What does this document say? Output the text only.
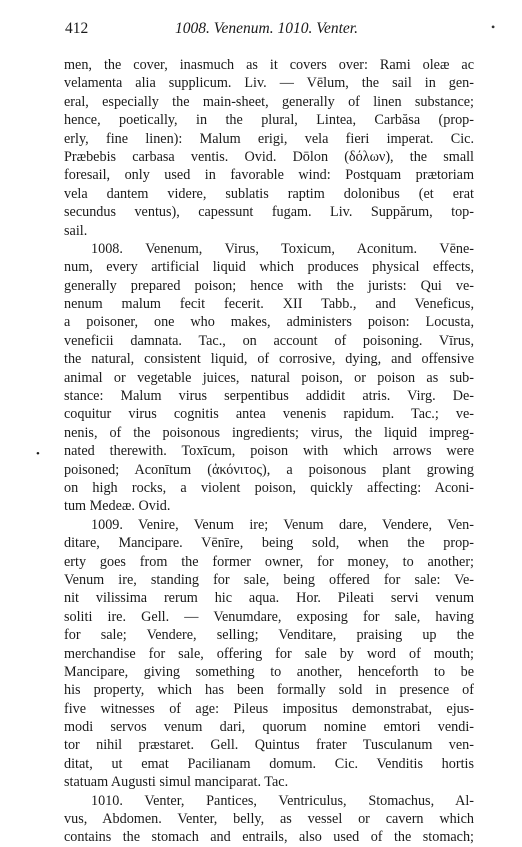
412	1008. Venenum. 1010. Venter.	•
•
men, the cover, inasmuch as it covers over: Rami oleæ ac
velamenta alia supplicum. Liv. — Vēlum, the sail in gen-
eral, especially the main-sheet, generally of linen substance;
hence, poetically, in the plural, Lintea, Carbăsa (prop-
erly, fine linen): Malum erigi, vela fieri imperat. Cic.
Præbebis carbasa ventis. Ovid. Dōlon (δόλων), the small
foresail, only used in favorable wind: Postquam prætoriam
vela dantem videre, sublatis raptim dolonibus (et erat
secundus ventus), capessunt fugam. Liv. Suppărum, top-
sail.
1008. Venenum, Virus, Toxicum, Aconitum. Vēne-
num, every artificial liquid which produces physical effects,
generally prepared poison; hence with the jurists: Qui ve-
nenum malum fecit fecerit. XII Tabb., and Veneficus,
a poisoner, one who makes, administers poison: Locusta,
veneficii damnata. Tac., on account of poisoning. Vīrus,
the natural, consistent liquid, of corrosive, dying, and offensive
animal or vegetable juices, natural poison, or poison as sub-
stance: Malum virus serpentibus addidit atris. Virg. De-
coquitur virus cognitis antea venenis rapidum. Tac.; ve-
nenis, of the poisonous ingredients; virus, the liquid impreg-
nated therewith. Toxīcum, poison with which arrows were
poisoned; Aconītum (ἀκόνιτος), a poisonous plant growing
on high rocks, a violent poison, quickly affecting: Aconi-
tum Medeæ. Ovid.
1009. Venire, Venum ire; Venum dare, Vendere, Ven-
ditare, Mancipare. Vēnīre, being sold, when the prop-
erty goes from the former owner, for money, to another;
Venum ire, standing for sale, being offered for sale: Ve-
nit vilissima rerum hic aqua. Hor. Pileati servi venum
soliti ire. Gell. — Venumdare, exposing for sale, having
for sale; Vendere, selling; Venditare, praising up the
merchandise for sale, offering for sale by word of mouth;
Mancipare, giving something to another, henceforth to be
his property, which has been formally sold in presence of
five witnesses of age: Pileus impositus demonstrabat, ejus-
modi servos venum dari, quorum nomine emtori vendi-
tor nihil præstaret. Gell. Quintus frater Tusculanum ven-
ditat, ut emat Pacilianam domum. Cic. Venditis hortis
statuam Augusti simul manciparat. Tac.
1010. Venter, Pantices, Ventriculus, Stomachus, Al-
vus, Abdomen. Venter, belly, as vessel or cavern which
contains the stomach and entrails, also used of the stomach;
